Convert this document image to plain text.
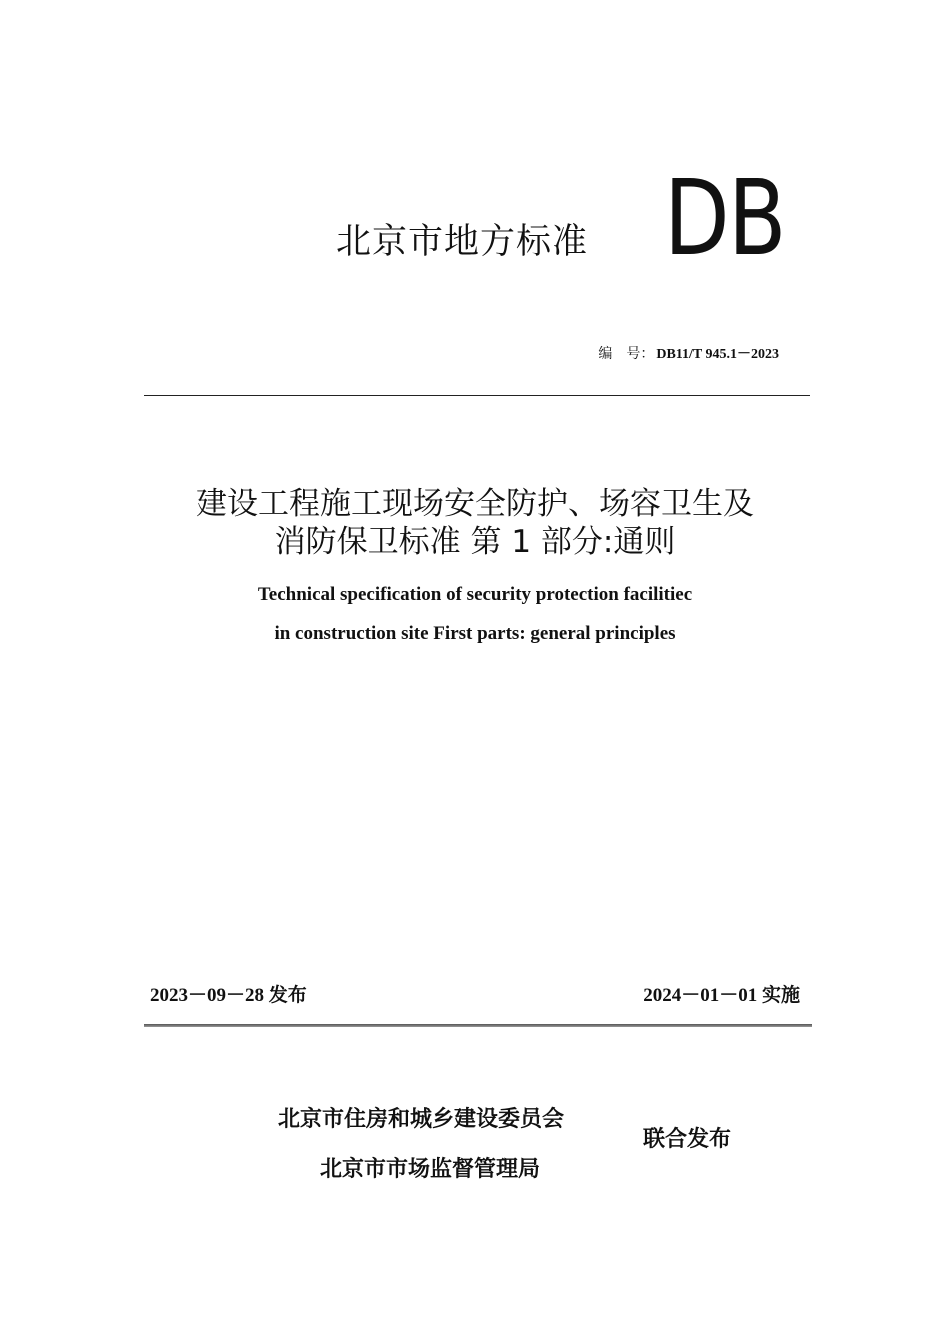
北京市地方标准 DB
编　号： DB11/T 945.1－2023
建设工程施工现场安全防护、场容卫生及
消防保卫标准 第 1 部分:通则
Technical specification of security protection facilitiec
in construction site First parts: general principles
2023－09－28 发布	2024－01－01 实施
北京市住房和城乡建设委员会
北京市市场监督管理局
联合发布
